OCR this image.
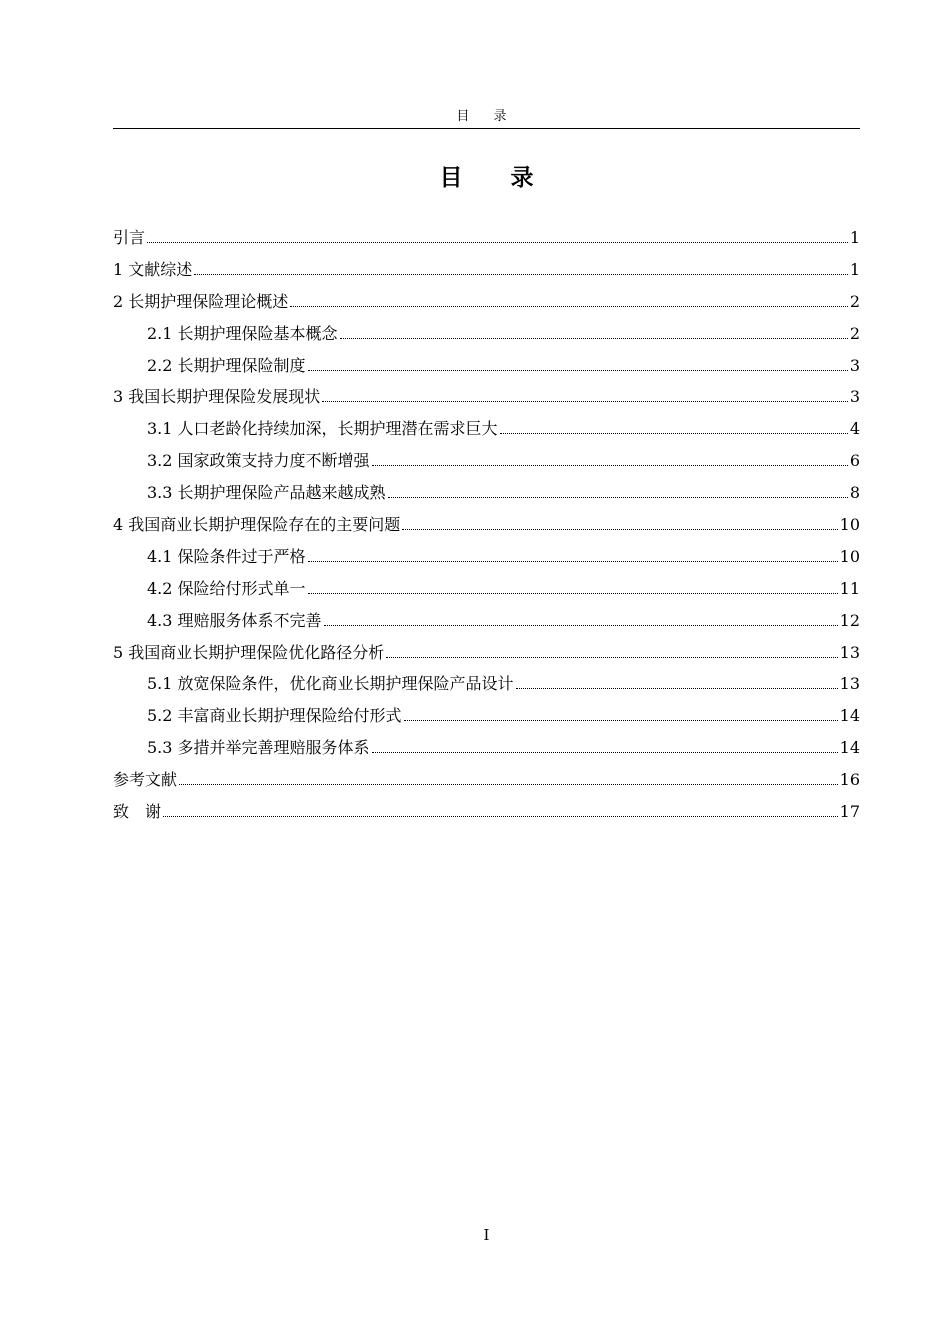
目 录
目 录
引言	1
1 文献综述	1
2 长期护理保险理论概述	2
2.1 长期护理保险基本概念	2
2.2 长期护理保险制度	3
3 我国长期护理保险发展现状	3
3.1 人口老龄化持续加深，长期护理潜在需求巨大	4
3.2 国家政策支持力度不断增强	6
3.3 长期护理保险产品越来越成熟	8
4 我国商业长期护理保险存在的主要问题	10
4.1 保险条件过于严格	10
4.2 保险给付形式单一	11
4.3 理赔服务体系不完善	12
5 我国商业长期护理保险优化路径分析	13
5.1 放宽保险条件，优化商业长期护理保险产品设计	13
5.2 丰富商业长期护理保险给付形式	14
5.3 多措并举完善理赔服务体系	14
参考文献	16
致　谢	17
I
